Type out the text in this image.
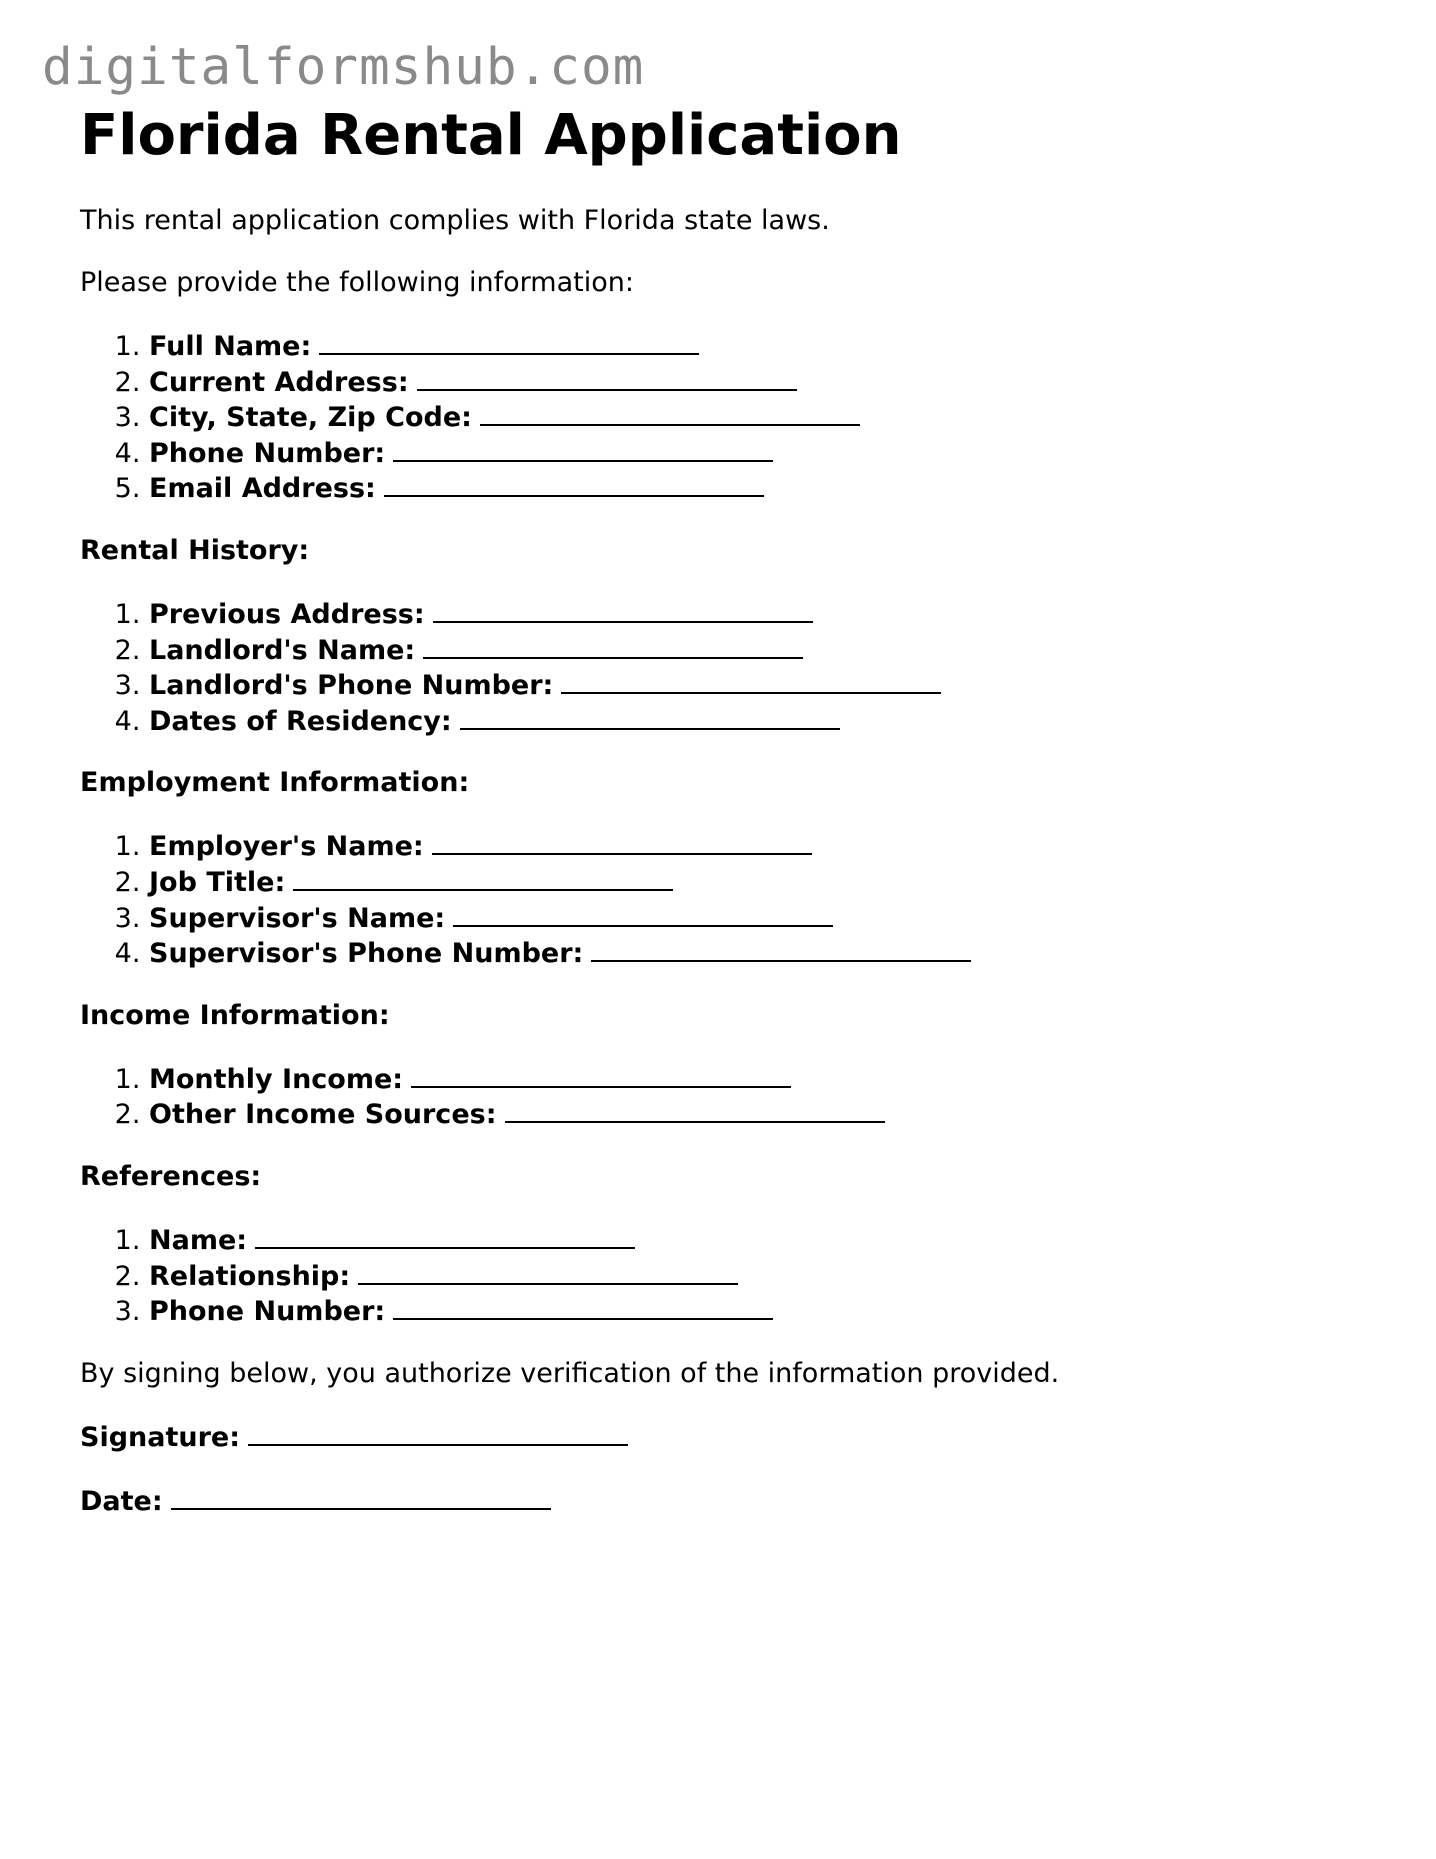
digitalformshub.com
Florida Rental Application

This rental application complies with Florida state laws.

Please provide the following information:

1. Full Name:
2. Current Address:
3. City, State, Zip Code:
4. Phone Number:
5. Email Address:

Rental History:

1. Previous Address:
2. Landlord's Name:
3. Landlord's Phone Number:
4. Dates of Residency:

Employment Information:

1. Employer's Name:
2. Job Title:
3. Supervisor's Name:
4. Supervisor's Phone Number:

Income Information:

1. Monthly Income:
2. Other Income Sources:

References:

1. Name:
2. Relationship:
3. Phone Number:

By signing below, you authorize verification of the information provided.

Signature:
Date:
